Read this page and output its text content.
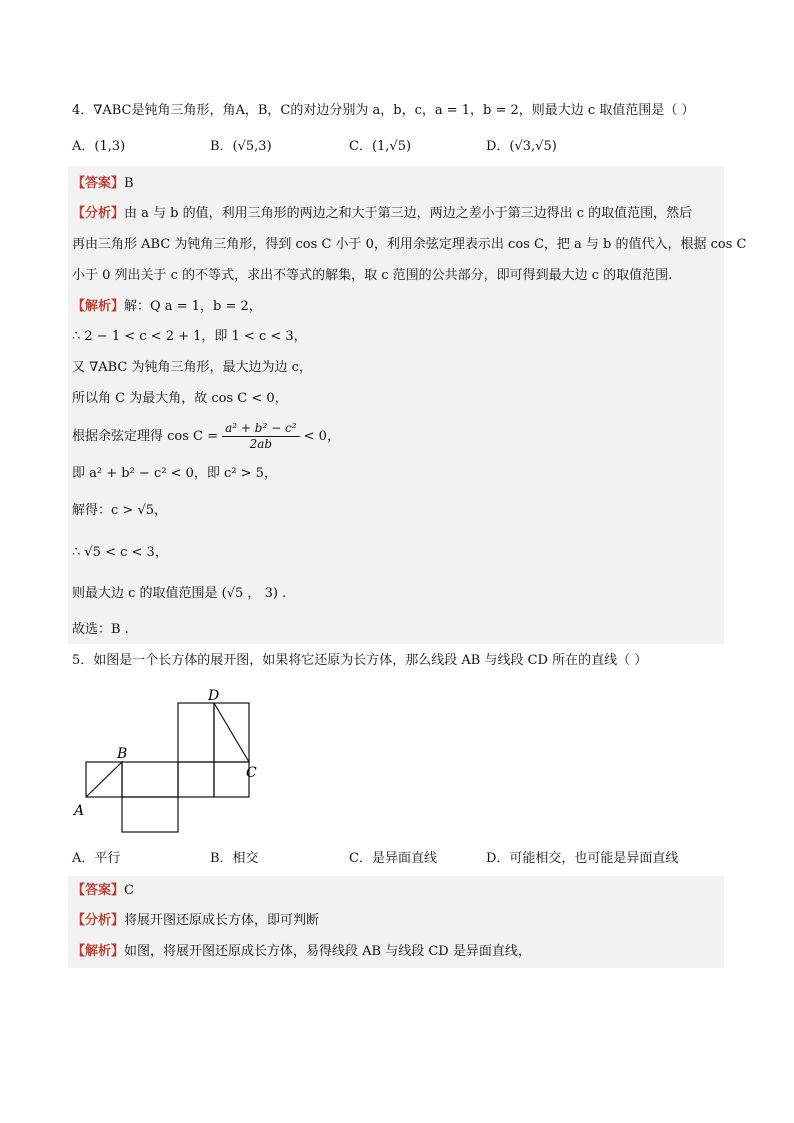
4．∇ABC是钝角三角形，角A，B，C的对边分别为 a，b，c，a = 1，b = 2，则最大边 c 取值范围是（ ）
A．(1,3)	B．(√5,3)	C．(1,√5)	D．(√3,√5)
【答案】B
【分析】由 a 与 b 的值，利用三角形的两边之和大于第三边，两边之差小于第三边得出 c 的取值范围，然后
再由三角形 ABC 为钝角三角形，得到 cos C 小于 0，利用余弦定理表示出 cos C，把 a 与 b 的值代入，根据 cos C
小于 0 列出关于 c 的不等式，求出不等式的解集，取 c 范围的公共部分，即可得到最大边 c 的取值范围.
【解析】解：Q a = 1，b = 2，
∴ 2 − 1 < c < 2 + 1，即 1 < c < 3，
又 ∇ABC 为钝角三角形，最大边为边 c，
所以角 C 为最大角，故 cos C < 0，
根据余弦定理得 $\cos C = \frac{\text{a² + b² − c²}}{2ab} < 0$，
即 a² + b² − c² < 0，即 c² > 5，
解得：c > √5，
∴ √5 < c < 3，
则最大边 c 的取值范围是 (√5 ， 3) .
故选：B .
5．如图是一个长方体的展开图，如果将它还原为长方体，那么线段 AB 与线段 CD 所在的直线（ ）
A
B
C
D
A．平行	B．相交	C．是异面直线	D．可能相交，也可能是异面直线
【答案】C
【分析】将展开图还原成长方体，即可判断
【解析】如图，将展开图还原成长方体，易得线段 AB 与线段 CD 是异面直线，
